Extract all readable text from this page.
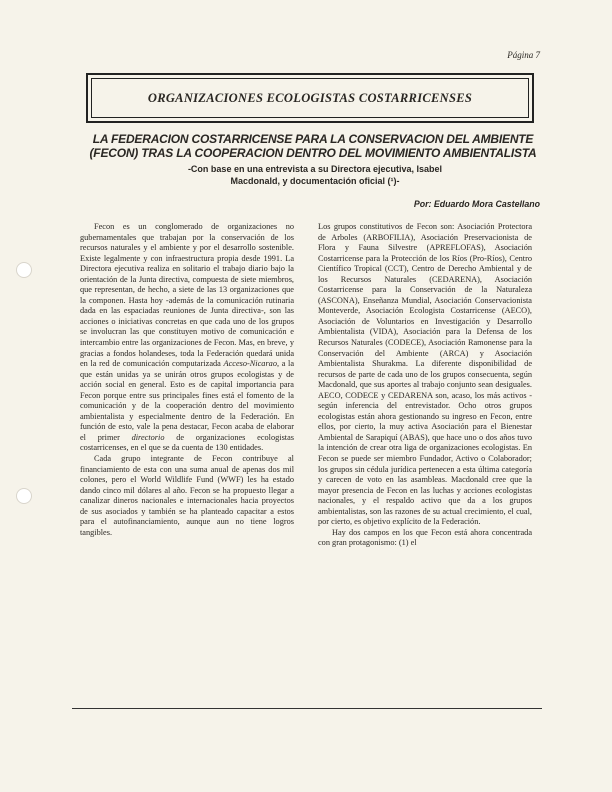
Página 7
ORGANIZACIONES ECOLOGISTAS COSTARRICENSES
LA FEDERACION COSTARRICENSE PARA LA CONSERVACION DEL AMBIENTE
(FECON) TRAS LA COOPERACION DENTRO DEL MOVIMIENTO AMBIENTALISTA
-Con base en una entrevista a su Directora ejecutiva, Isabel
Macdonald, y documentación oficial (¹)-
Por: Eduardo Mora Castellano

Fecon es un conglomerado de organizaciones no gubernamentales que trabajan por la conservación de los recursos naturales y el ambiente y por el desarrollo sostenible. Existe legalmente y con infraestructura propia desde 1991. La Directora ejecutiva realiza en solitario el trabajo diario bajo la orientación de la Junta directiva, compuesta de siete miembros, que representan, de hecho, a siete de las 13 organizaciones que la componen. Hasta hoy -además de la comunicación rutinaria dada en las espaciadas reuniones de Junta directiva-, son las acciones o iniciativas concretas en que cada uno de los grupos se involucran las que constituyen motivo de comunicación e intercambio entre las organizaciones de Fecon. Mas, en breve, y gracias a fondos holandeses, toda la Federación quedará unida en la red de comunicación computarizada Acceso-Nicarao, a la que están unidas ya se unirán otros grupos ecologistas y de acción social en general. Esto es de capital importancia para Fecon porque entre sus principales fines está el fomento de la comunicación y de la cooperación dentro del movimiento ambientalista y especialmente dentro de la Federación. En función de esto, vale la pena destacar, Fecon acaba de elaborar el primer directorio de organizaciones ecologistas costarricenses, en el que se da cuenta de 130 entidades.

Cada grupo integrante de Fecon contribuye al financiamiento de esta con una suma anual de apenas dos mil colones, pero el World Wildlife Fund (WWF) les ha estado dando cinco mil dólares al año. Fecon se ha propuesto llegar a canalizar dineros nacionales e internacionales hacia proyectos de sus asociados y también se ha planteado capacitar a estos para el autofinanciamiento, aunque aun no tiene logros tangibles.

Los grupos constitutivos de Fecon son: Asociación Protectora de Arboles (ARBOFILIA), Asociación Preservacionista de Flora y Fauna Silvestre (APREFLOFAS), Asociación Costarricense para la Protección de los Ríos (Pro-Ríos), Centro Científico Tropical (CCT), Centro de Derecho Ambiental y de los Recursos Naturales (CEDARENA), Asociación Costarricense para la Conservación de la Naturaleza (ASCONA), Enseñanza Mundial, Asociación Conservacionista Monteverde, Asociación Ecologista Costarricense (AECO), Asociación de Voluntarios en Investigación y Desarrollo Ambientalista (VIDA), Asociación para la Defensa de los Recursos Naturales (CODECE), Asociación Ramonense para la Conservación del Ambiente (ARCA) y Asociación Ambientalista Shurakma. La diferente disponibilidad de recursos de parte de cada uno de los grupos consecuenta, según Macdonald, que sus aportes al trabajo conjunto sean desiguales. AECO, CODECE y CEDARENA son, acaso, los más activos -según inferencia del entrevistador. Ocho otros grupos ecologistas están ahora gestionando su ingreso en Fecon, entre ellos, por cierto, la muy activa Asociación para el Bienestar Ambiental de Sarapiquí (ABAS), que hace uno o dos años tuvo la intención de crear otra liga de organizaciones ecologistas. En Fecon se puede ser miembro Fundador, Activo o Colaborador; los grupos sin cédula jurídica pertenecen a esta última categoría y carecen de voto en las asambleas. Macdonald cree que la mayor presencia de Fecon en las luchas y acciones ecologistas nacionales, y el respaldo activo que da a los grupos ambientalistas, son las razones de su actual crecimiento, el cual, por cierto, es objetivo explícito de la Federación.

Hay dos campos en los que Fecon está ahora concentrada con gran protagonismo: (1) el
